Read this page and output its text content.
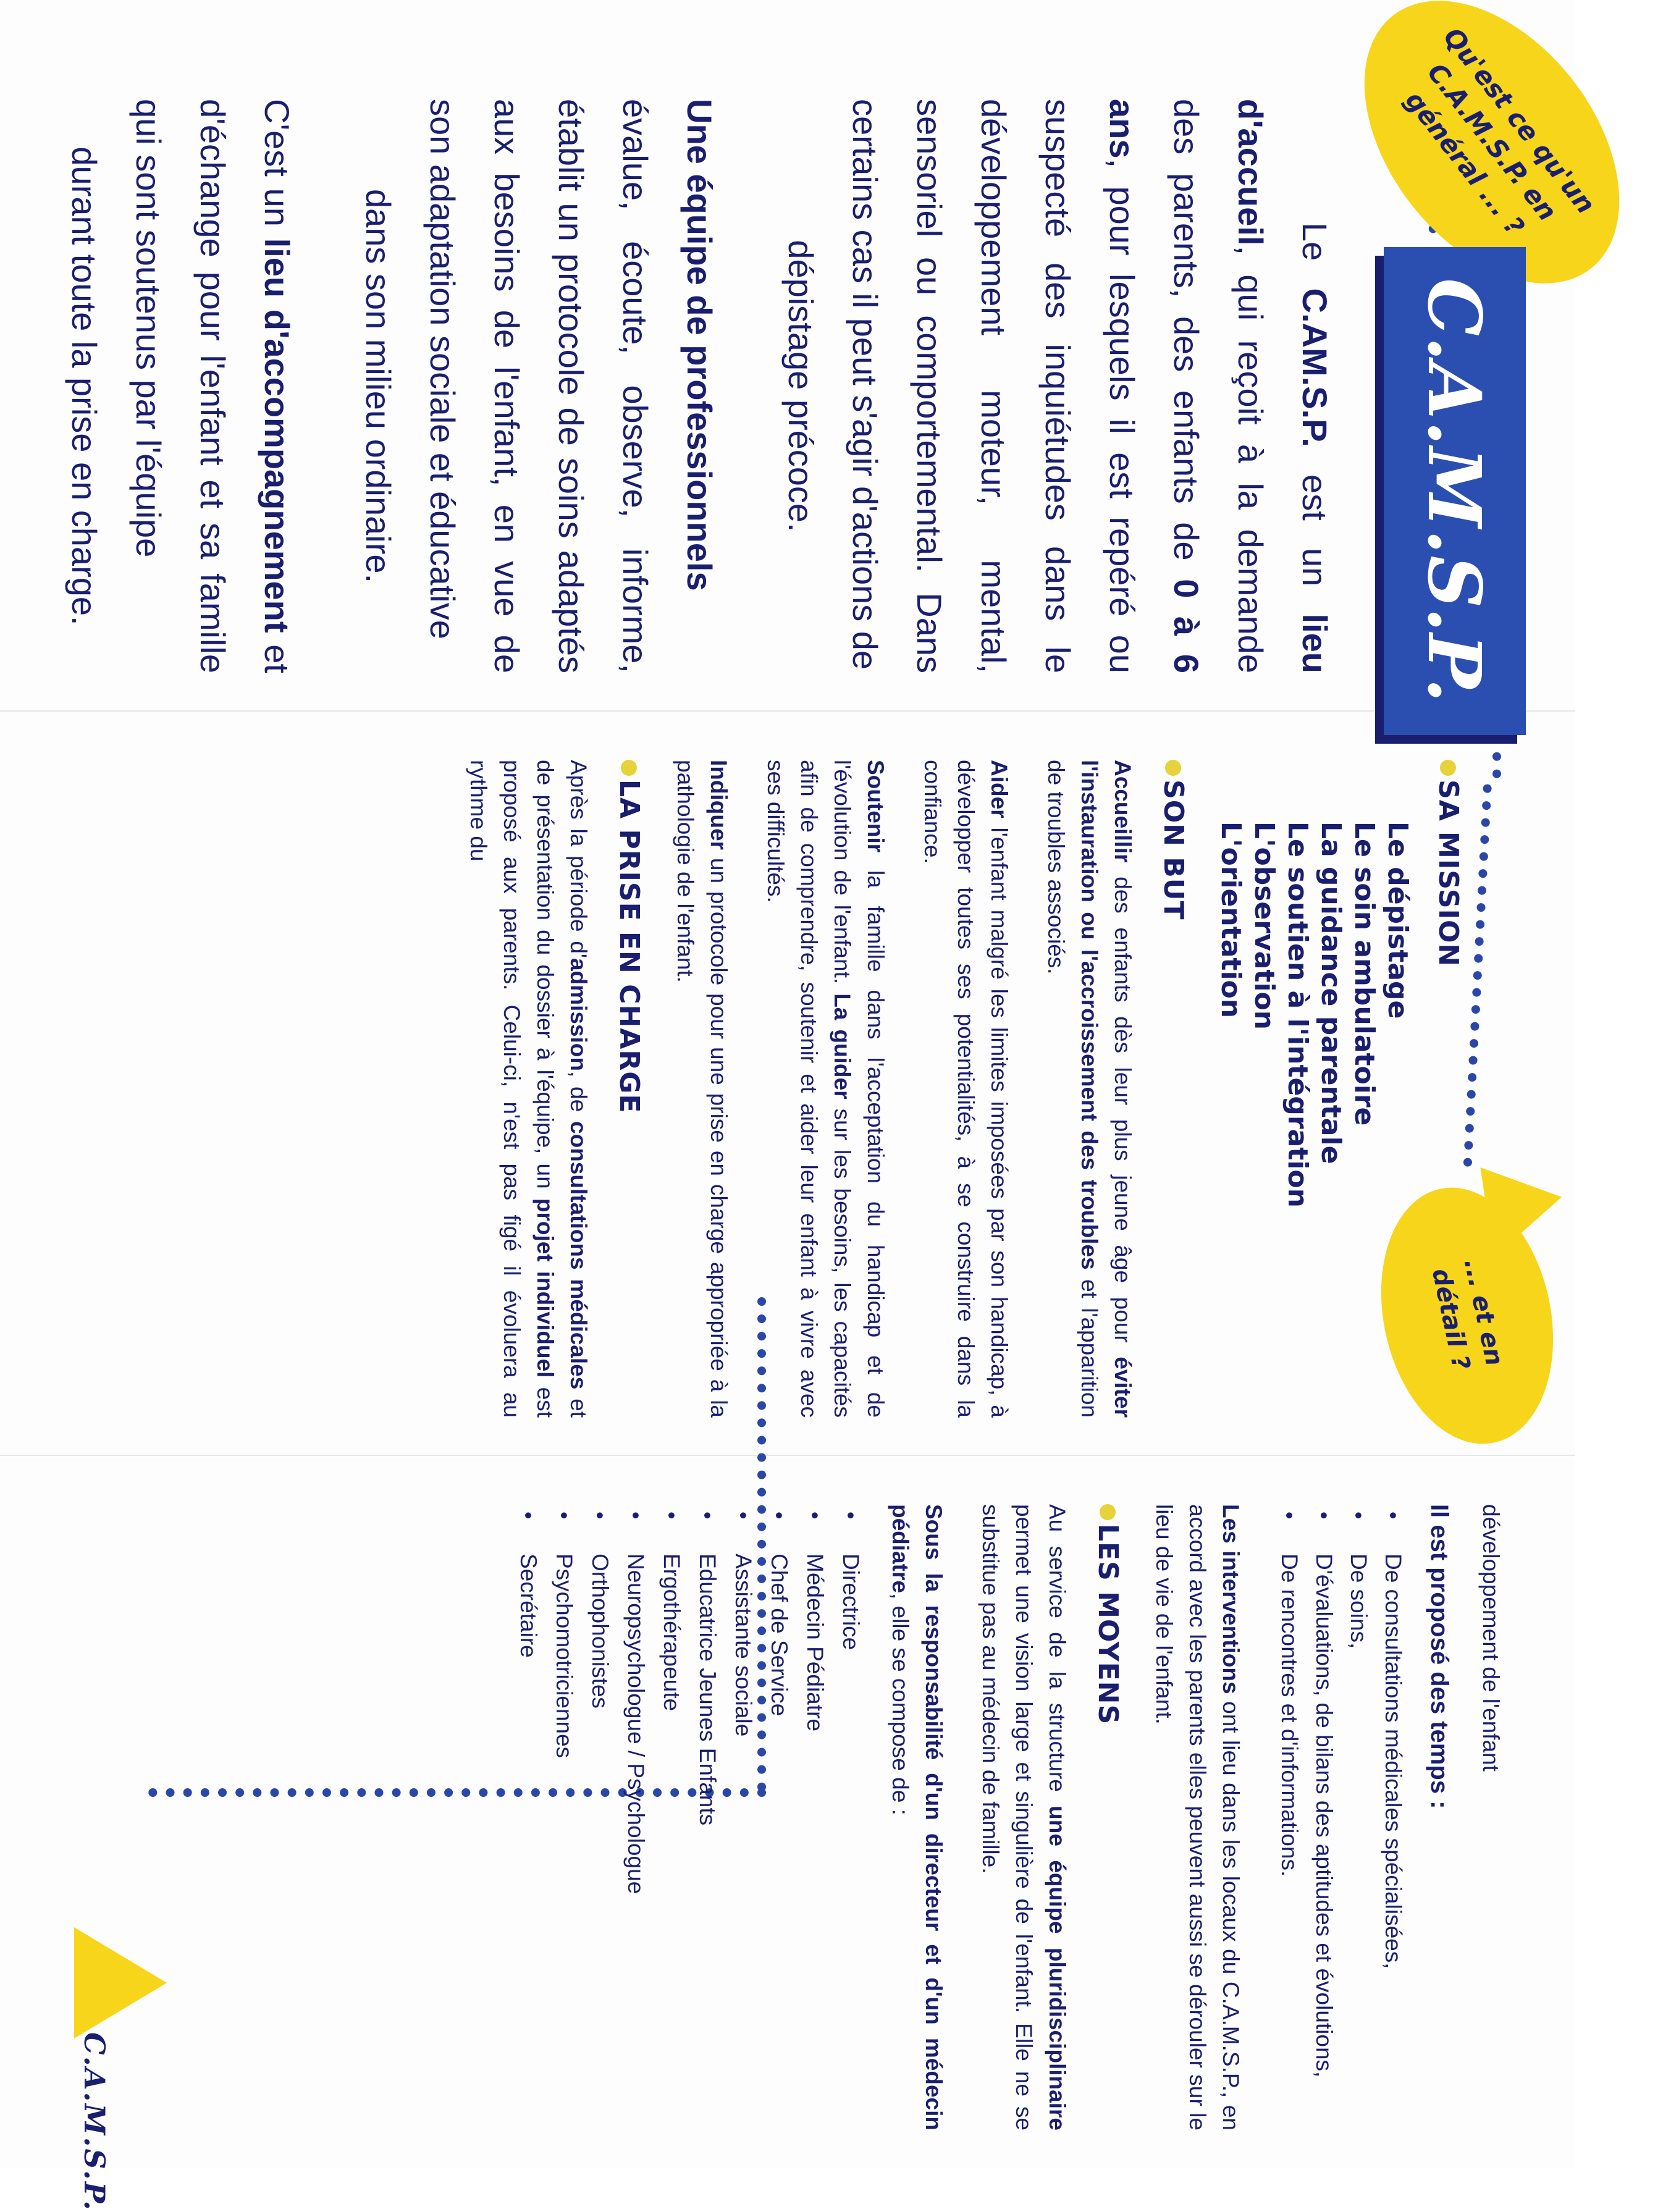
Qu'est ce qu'un C.A.M.S.P. en général ... ?
C.A.M.S.P.

Le C.AM.S.P. est un lieu d'accueil, qui reçoit à la demande des parents, des enfants de 0 à 6 ans, pour lesquels il est repéré ou suspecté des inquiétudes dans le développement moteur, mental, sensoriel ou comportemental. Dans certains cas il peut s'agir d'actions de
dépistage précoce.

Une équipe de professionnels
évalue, écoute, observe, informe, établit un protocole de soins adaptés aux besoins de l'enfant, en vue de son adaptation sociale et éducative
dans son milieu ordinaire.

C'est un lieu d'accompagnement et d'échange pour l'enfant et sa famille qui sont soutenus par l'équipe
durant toute la prise en charge.

SA MISSION
Le dépistage
Le soin ambulatoire
La guidance parentale
Le soutien à l'intégration
L'observation
L'orientation
SON BUT

Accueillir des enfants dès leur plus jeune âge pour éviter l'instauration ou l'accroissement des troubles et l'apparition de troubles associés.

Aider l'enfant malgré les limites imposées par son handicap, à développer toutes ses potentialités, à se construire dans la confiance.

Soutenir la famille dans l'acceptation du handicap et de l'évolution de l'enfant. La guider sur les besoins, les capacités afin de comprendre, soutenir et aider leur enfant à vivre avec ses difficultés.

Indiquer un protocole pour une prise en charge appropriée à la pathologie de l'enfant.

LA PRISE EN CHARGE

Après la période d'admission, de consultations médicales et de présentation du dossier à l'équipe, un projet individuel est proposé aux parents. Celui-ci, n'est pas figé il évoluera au rythme du

... et en détail ?

développement de l'enfant

Il est proposé des temps :

• De consultations médicales spécialisées,
• De soins,
• D'évaluations, de bilans des aptitudes et évolutions,
• De rencontres et d'informations.

Les interventions ont lieu dans les locaux du C.A.M.S.P., en accord avec les parents elles peuvent aussi se dérouler sur le lieu de vie de l'enfant.

LES MOYENS

Au service de la structure une équipe pluridisciplinaire permet une vision large et singulière de l'enfant. Elle ne se substitue pas au médecin de famille.

Sous la responsabilité d'un directeur et d'un médecin pédiatre, elle se compose de :

• Directrice
• Médecin Pédiatre
• Chef de Service
• Assistante sociale
• Educatrice Jeunes Enfants
• Ergothérapeute
• Neuropsychologue / Psychologue
• Orthophonistes
• Psychomotriciennes
• Secrétaire
C.A.M.S.P.
